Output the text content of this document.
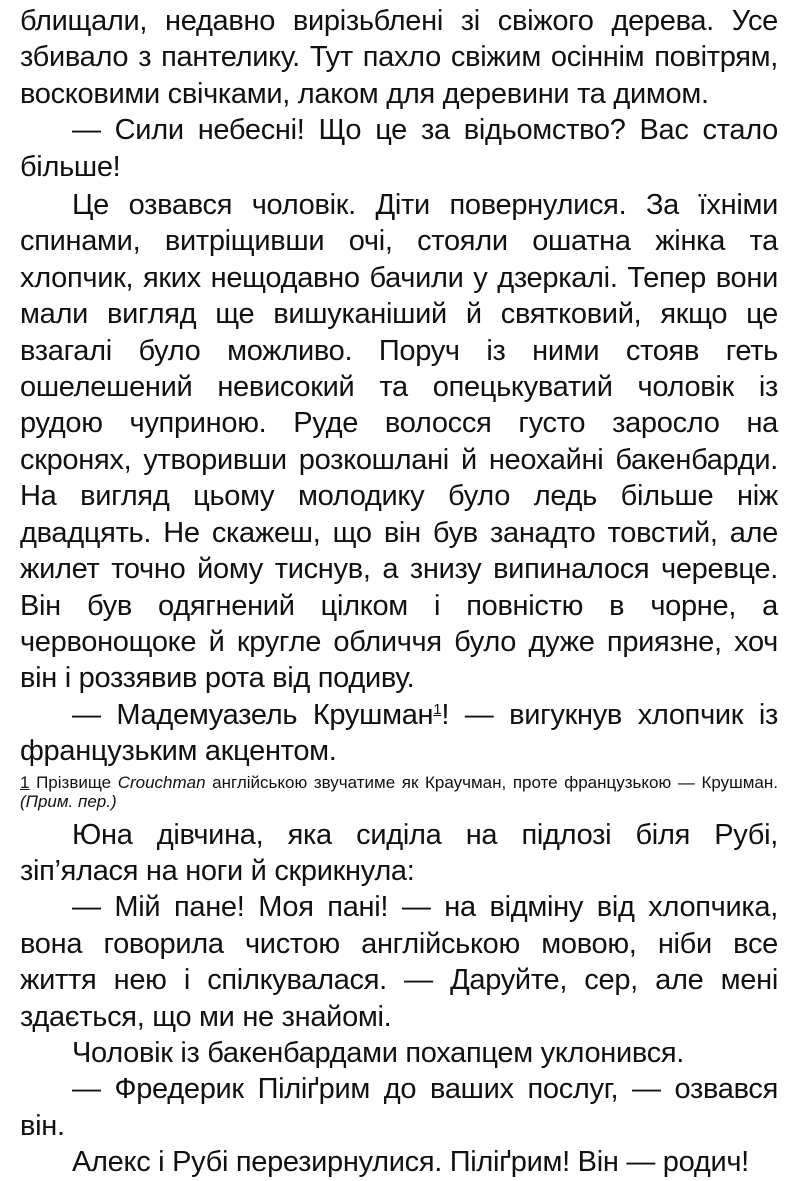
блищали, недавно вирізьблені зі свіжого дерева. Усе збивало з пантелику. Тут пахло свіжим осіннім повітрям, восковими свічками, лаком для деревини та димом.

— Сили небесні! Що це за відьомство? Вас стало більше!

Це озвався чоловік. Діти повернулися. За їхніми спинами, витріщивши очі, стояли ошатна жінка та хлопчик, яких нещодавно бачили у дзеркалі. Тепер вони мали вигляд ще вишуканіший й святковий, якщо це взагалі було можливо. Поруч із ними стояв геть ошелешений невисокий та опецькуватий чоловік із рудою чуприною. Руде волосся густо заросло на скронях, утворивши розкошлані й неохайні бакенбарди. На вигляд цьому молодику було ледь більше ніж двадцять. Не скажеш, що він був занадто товстий, але жилет точно йому тиснув, а знизу випиналося черевце. Він був одягнений цілком і повністю в чорне, а червонощоке й кругле обличчя було дуже приязне, хоч він і роззявив рота від подиву.

— Мадемуазель Крушман$^1$! — вигукнув хлопчик із французьким акцентом.

1 Прізвище Crouchman англійською звучатиме як Краучман, проте французькою — Крушман. (Прим. пер.)

Юна дівчина, яка сиділа на підлозі біля Рубі, зіп’ялася на ноги й скрикнула:

— Мій пане! Моя пані! — на відміну від хлопчика, вона говорила чистою англійською мовою, ніби все життя нею і спілкувалася. — Даруйте, сер, але мені здається, що ми не знайомі.

Чоловік із бакенбардами похапцем уклонився.

— Фредерик Піліґрим до ваших послуг, — озвався він.

Алекс і Рубі перезирнулися. Піліґрим! Він — родич!
